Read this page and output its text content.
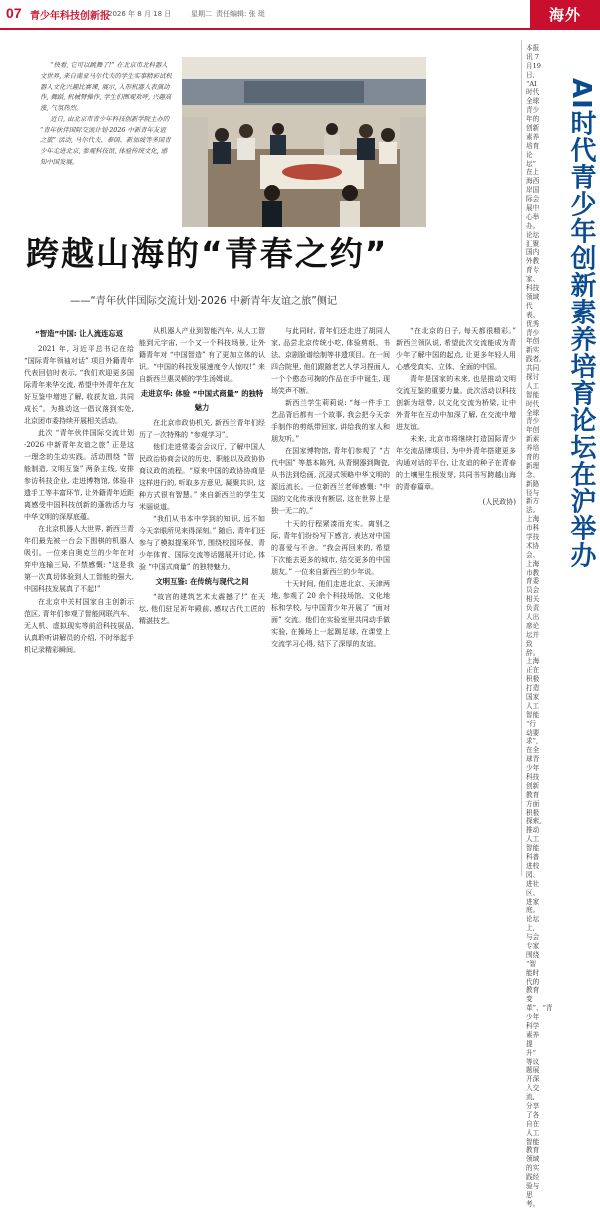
07 青少年科技创新报
2026 年 8 月 18 日	星期二 责任编辑: 张 珽	海外

“快看, 它可以跳舞了!” 在北京市北科器人文世界, 来自南亚马尔代夫的学生实事精彩试机器人文化兴趣比赛课, 展示, 人形机器人表演动作, 舞蹈, 机械臂操作, 学生们围观欢呼, 兴趣高涨, 气氛热烈。

近日, 由北京市青少年科技创新学院主办的 “青年伙伴国际交流计划·2026 中新青年友谊之旅” 活动, 马尔代夫、泰国、新加坡等多国青少年走进北京, 参观科技馆, 体验传统文化, 感知中国发展。

跨越山海的“青春之约”
——“青年伙伴国际交流计划·2026 中新青年友谊之旅”侧记
“智造”中国: 让人流连忘返

2021 年, 习近平总书记在给 “国际青年领袖对话” 项目外籍青年代表回信时表示, “我们欢迎更多国际青年来华交流, 希望中外青年在友好互鉴中增进了解, 收获友谊, 共同成长”。为推动这一倡议落到实处, 北京团市委持续开展相关活动。

此次 “青年伙伴国际交流计划·2026 中新青年友谊之旅” 正是这一理念的生动实践。活动围绕 “智能制造, 文明互鉴” 两条主线, 安排参访科技企业, 走进博物馆, 体验非遗手工等丰富环节, 让外籍青年近距离感受中国科技创新的蓬勃活力与中华文明的深厚底蕴。

在北京机器人大世界, 新西兰青年们最先被一台会下围棋的机器人吸引。一位来自奥克兰的少年在对弈中连输三局, 不禁感慨: “这是我第一次真切体验到人工智能的强大, 中国科技发展真了不起!”

在北京中关村国家自主创新示范区, 青年们参观了智能网联汽车、无人机、虚拟现实等前沿科技展品, 认真聆听讲解员的介绍, 不时举起手机记录精彩瞬间。

从机器人产业到智能汽车, 从人工智能到元宇宙, 一个又一个科技场景, 让外籍青年对 “中国智造” 有了更加立体的认识。“中国的科技发展速度令人惊叹!” 来自新西兰惠灵顿的学生汤姆说。

走进京华: 体验 “中国式商量” 的独特魅力

在北京市政协机关, 新西兰青年们经历了一次特殊的 “参观学习”。

他们走进常委会会议厅, 了解中国人民政治协商会议的历史、职能以及政协协商议政的流程。“原来中国的政协协商是这样进行的, 听取多方意见, 凝聚共识, 这种方式很有智慧。” 来自新西兰的学生艾米丽说道。

“我们从书本中学到的知识, 远不如今天亲眼所见来得深刻。” 随后, 青年们还参与了模拟提案环节, 围绕校园环保、青少年体育、国际交流等话题展开讨论, 体验 “中国式商量” 的独特魅力。

文明互鉴: 在传统与现代之间

“故宫的建筑艺术太震撼了!” 在天坛, 他们驻足祈年殿前, 感叹古代工匠的精湛技艺。

与此同时, 青年们还走进了胡同人家, 品尝北京传统小吃, 体验剪纸、书法、京剧脸谱绘制等非遗项目。在一间四合院里, 他们跟随老艺人学习捏面人, 一个个憨态可掬的作品在手中诞生, 现场笑声不断。

新西兰学生莉莉说: “每一件手工艺品背后都有一个故事, 我会把今天亲手制作的剪纸带回家, 讲给我的家人和朋友听。”

在国家博物馆, 青年们参观了 “古代中国” 等基本陈列, 从青铜器到陶瓷, 从书法到绘画, 沉浸式领略中华文明的源远流长。一位新西兰老师感慨: “中国的文化传承没有断层, 这在世界上是独一无二的。”

十天的行程紧凑而充实。离别之际, 青年们纷纷写下感言, 表达对中国的喜爱与不舍。“我会再回来的, 希望下次能去更多的城市, 结交更多的中国朋友。” 一位来自新西兰的少年说。

十天时间, 他们走进北京、天津两地, 参观了 20 余个科技场馆、文化地标和学校, 与中国青少年开展了 “面对面” 交流。他们在实验室里共同动手做实验, 在操场上一起踢足球, 在课堂上交流学习心得, 结下了深厚的友谊。

“在北京的日子, 每天都很精彩。” 新西兰领队说, 希望此次交流能成为青少年了解中国的起点, 让更多年轻人用心感受真实、立体、全面的中国。

青年是国家的未来, 也是推动文明交流互鉴的重要力量。此次活动以科技创新为纽带, 以文化交流为桥梁, 让中外青年在互动中加深了解, 在交流中增进友谊。

未来, 北京市将继续打造国际青少年交流品牌项目, 为中外青年搭建更多沟通对话的平台, 让友谊的种子在青春的土壤里生根发芽, 共同书写跨越山海的青春篇章。

(人民政协)

本报讯 7月19日, “AI时代全球青少年的创新素养培育论坛” 在上海西岸国际会展中心举办。论坛汇聚国内外教育专家、科技领域代表、优秀青少年创新实践者, 共同探讨人工智能时代全球青少年创新素养培育的新理念、新路径与新方法。上海市科学技术协会、上海市教育委员会相关负责人出席论坛并致辞。上海正在积极打造国家人工智能 “行动要求”, 在全球青少年科技创新教育方面积极探索, 推动人工智能科普进校园、进社区、进家庭。论坛上, 与会专家围绕 “智能时代的教育变革”、“青少年科学素养提升” 等议题展开深入交流, 分享了各自在人工智能教育领域的实践经验与思考。
AI时代青少年创新素养培育论坛在沪举办
